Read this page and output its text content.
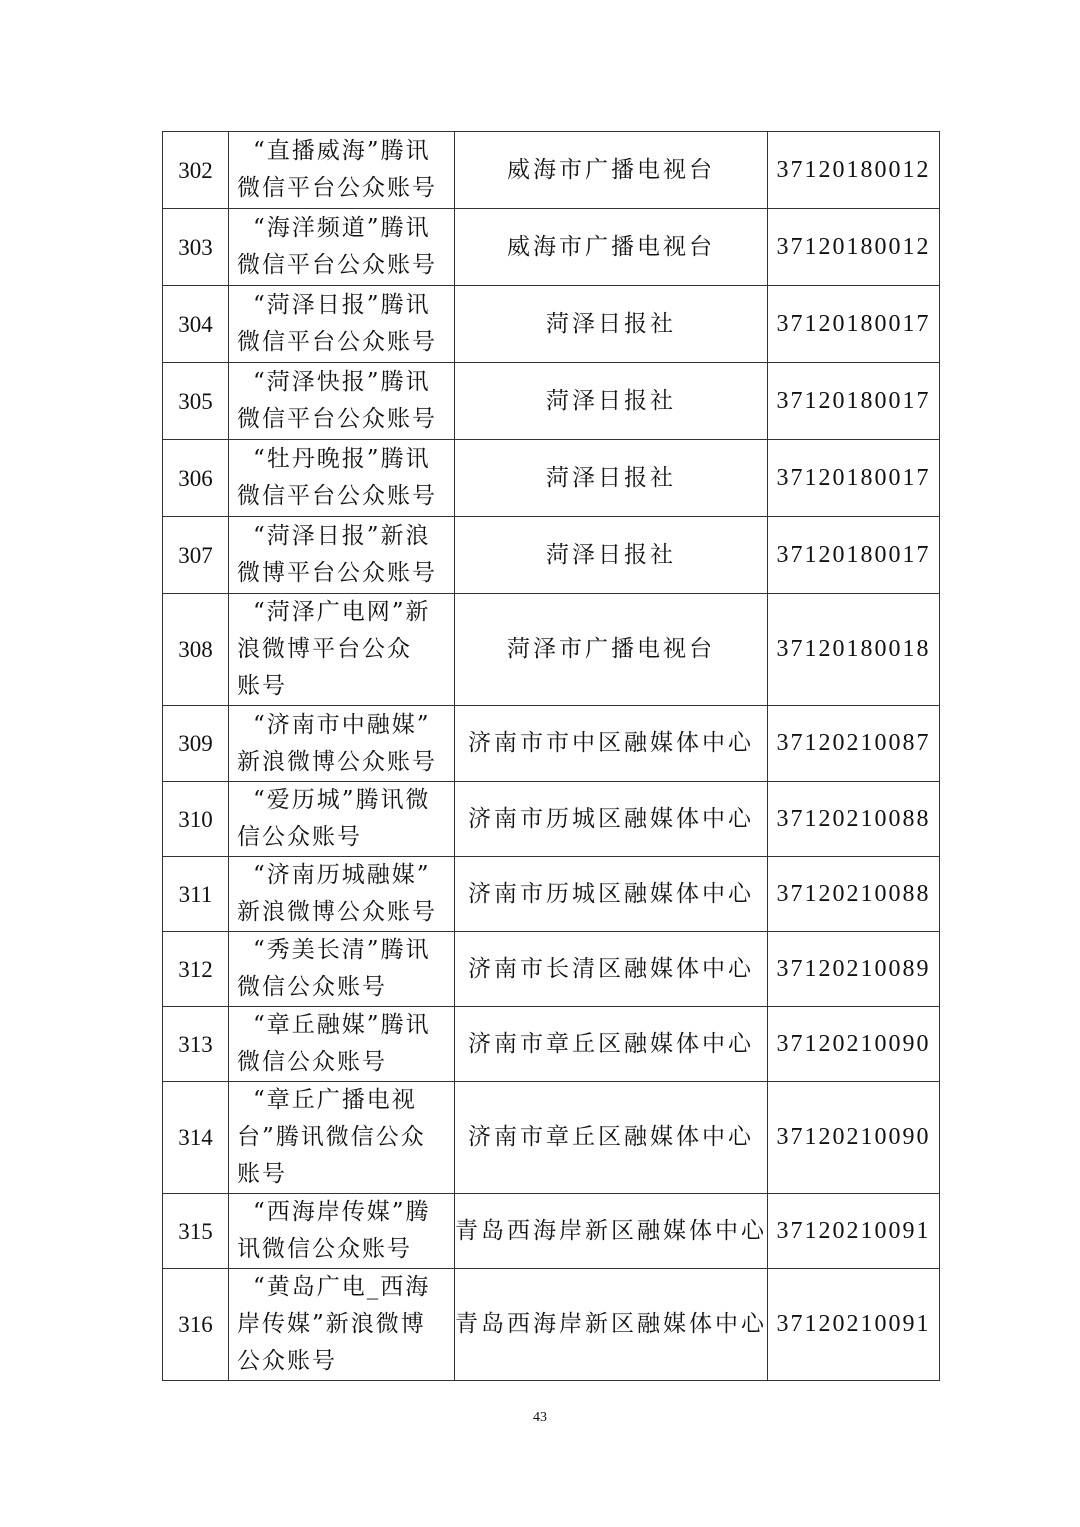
302	“直播威海”腾讯
微信平台公众账号	威海市广播电视台	37120180012
303	“海洋频道”腾讯
微信平台公众账号	威海市广播电视台	37120180012
304	“菏泽日报”腾讯
微信平台公众账号	菏泽日报社	37120180017
305	“菏泽快报”腾讯
微信平台公众账号	菏泽日报社	37120180017
306	“牡丹晚报”腾讯
微信平台公众账号	菏泽日报社	37120180017
307	“菏泽日报”新浪
微博平台公众账号	菏泽日报社	37120180017
308	“菏泽广电网”新
浪微博平台公众
账号	菏泽市广播电视台	37120180018
309	“济南市中融媒”
新浪微博公众账号	济南市市中区融媒体中心	37120210087
310	“爱历城”腾讯微
信公众账号	济南市历城区融媒体中心	37120210088
311	“济南历城融媒”
新浪微博公众账号	济南市历城区融媒体中心	37120210088
312	“秀美长清”腾讯
微信公众账号	济南市长清区融媒体中心	37120210089
313	“章丘融媒”腾讯
微信公众账号	济南市章丘区融媒体中心	37120210090
314	“章丘广播电视
台”腾讯微信公众
账号	济南市章丘区融媒体中心	37120210090
315	“西海岸传媒”腾
讯微信公众账号	青岛西海岸新区融媒体中心	37120210091
316	“黄岛广电_西海
岸传媒”新浪微博
公众账号	青岛西海岸新区融媒体中心	37120210091
43
